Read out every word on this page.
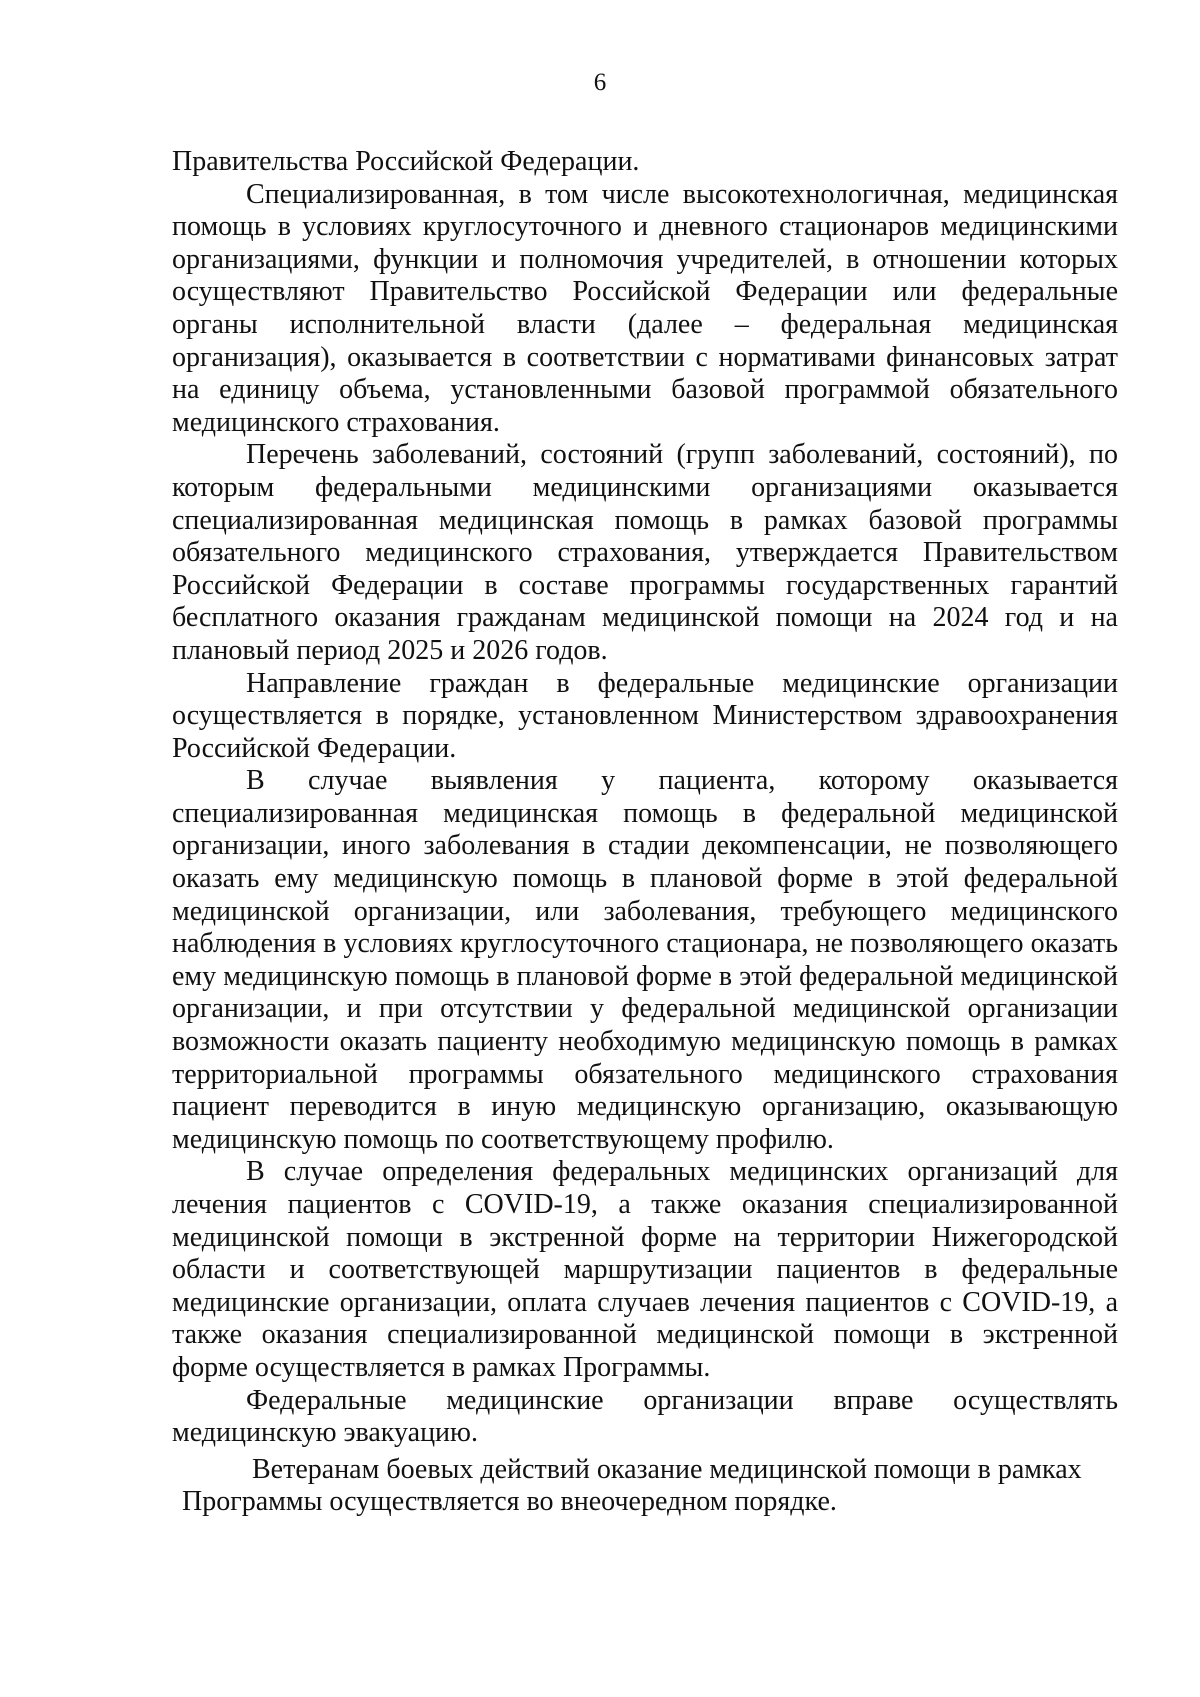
6

Правительства Российской Федерации.

Специализированная, в том числе высокотехнологичная, медицинская помощь в условиях круглосуточного и дневного стационаров медицинскими организациями, функции и полномочия учредителей, в отношении которых осуществляют Правительство Российской Федерации или федеральные органы исполнительной власти (далее – федеральная медицинская организация), оказывается в соответствии с нормативами финансовых затрат на единицу объема, установленными базовой программой обязательного медицинского страхования.

Перечень заболеваний, состояний (групп заболеваний, состояний), по которым федеральными медицинскими организациями оказывается специализированная медицинская помощь в рамках базовой программы обязательного медицинского страхования, утверждается Правительством Российской Федерации в составе программы государственных гарантий бесплатного оказания гражданам медицинской помощи на 2024 год и на плановый период 2025 и 2026 годов.

Направление граждан в федеральные медицинские организации осуществляется в порядке, установленном Министерством здравоохранения Российской Федерации.

В случае выявления у пациента, которому оказывается специализированная медицинская помощь в федеральной медицинской организации, иного заболевания в стадии декомпенсации, не позволяющего оказать ему медицинскую помощь в плановой форме в этой федеральной медицинской организации, или заболевания, требующего медицинского наблюдения в условиях круглосуточного стационара, не позволяющего оказать ему медицинскую помощь в плановой форме в этой федеральной медицинской организации, и при отсутствии у федеральной медицинской организации возможности оказать пациенту необходимую медицинскую помощь в рамках территориальной программы обязательного медицинского страхования пациент переводится в иную медицинскую организацию, оказывающую медицинскую помощь по соответствующему профилю.

В случае определения федеральных медицинских организаций для лечения пациентов с COVID-19, а также оказания специализированной медицинской помощи в экстренной форме на территории Нижегородской области и соответствующей маршрутизации пациентов в федеральные медицинские организации, оплата случаев лечения пациентов с COVID-19, а также оказания специализированной медицинской помощи в экстренной форме осуществляется в рамках Программы.

Федеральные медицинские организации вправе осуществлять медицинскую эвакуацию.

Ветеранам боевых действий оказание медицинской помощи в рамках Программы осуществляется во внеочередном порядке.
